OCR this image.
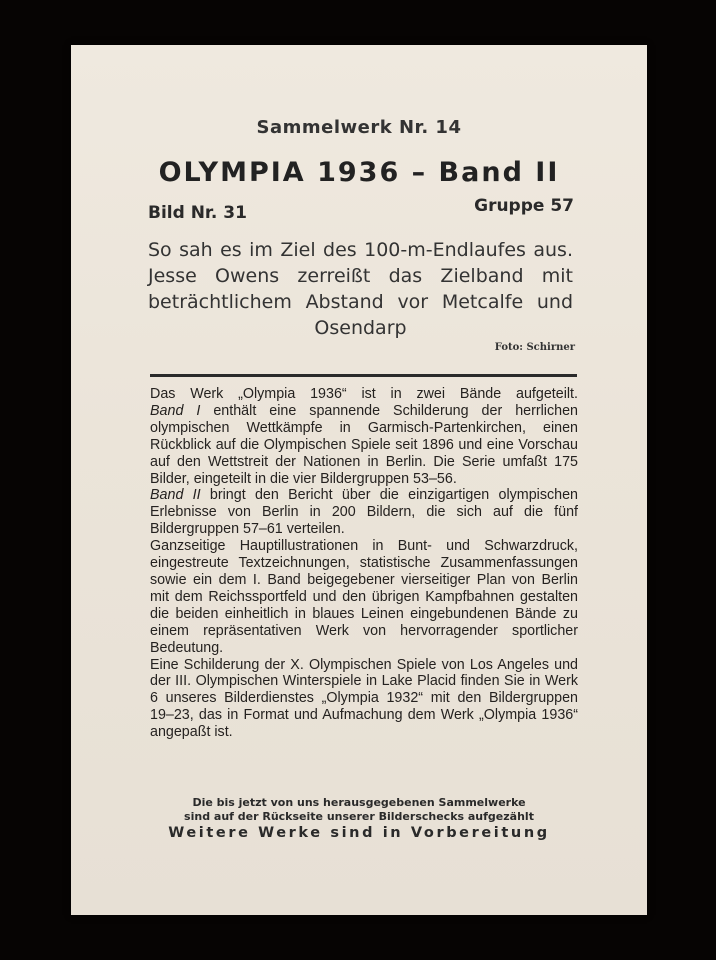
Sammelwerk Nr. 14
OLYMPIA 1936 – Band II
Bild Nr. 31	Gruppe 57
So sah es im Ziel des 100-m-Endlaufes aus. Jesse Owens zerreißt das Zielband mit beträchtlichem Abstand vor Metcalfe und Osendarp
Foto: Schirner
Das Werk „Olympia 1936“ ist in zwei Bände aufgeteilt.
Band I enthält eine spannende Schilderung der herrlichen olympischen Wettkämpfe in Garmisch-Partenkirchen, einen Rückblick auf die Olympischen Spiele seit 1896 und eine Vorschau auf den Wettstreit der Nationen in Berlin. Die Serie umfaßt 175 Bilder, eingeteilt in die vier Bildergruppen 53–56.
Band II bringt den Bericht über die einzigartigen olympischen Erlebnisse von Berlin in 200 Bildern, die sich auf die fünf Bildergruppen 57–61 verteilen.
Ganzseitige Hauptillustrationen in Bunt- und Schwarzdruck, eingestreute Textzeichnungen, statistische Zusammenfassungen sowie ein dem I. Band beigegebener vierseitiger Plan von Berlin mit dem Reichssportfeld und den übrigen Kampfbahnen gestalten die beiden einheitlich in blaues Leinen eingebundenen Bände zu einem repräsentativen Werk von hervorragender sportlicher Bedeutung.
Eine Schilderung der X. Olympischen Spiele von Los Angeles und der III. Olympischen Winterspiele in Lake Placid finden Sie in Werk 6 unseres Bilderdienstes „Olympia 1932“ mit den Bildergruppen 19–23, das in Format und Aufmachung dem Werk „Olympia 1936“ angepaßt ist.
Die bis jetzt von uns herausgegebenen Sammelwerke
sind auf der Rückseite unserer Bilderschecks aufgezählt
Weitere Werke sind in Vorbereitung
